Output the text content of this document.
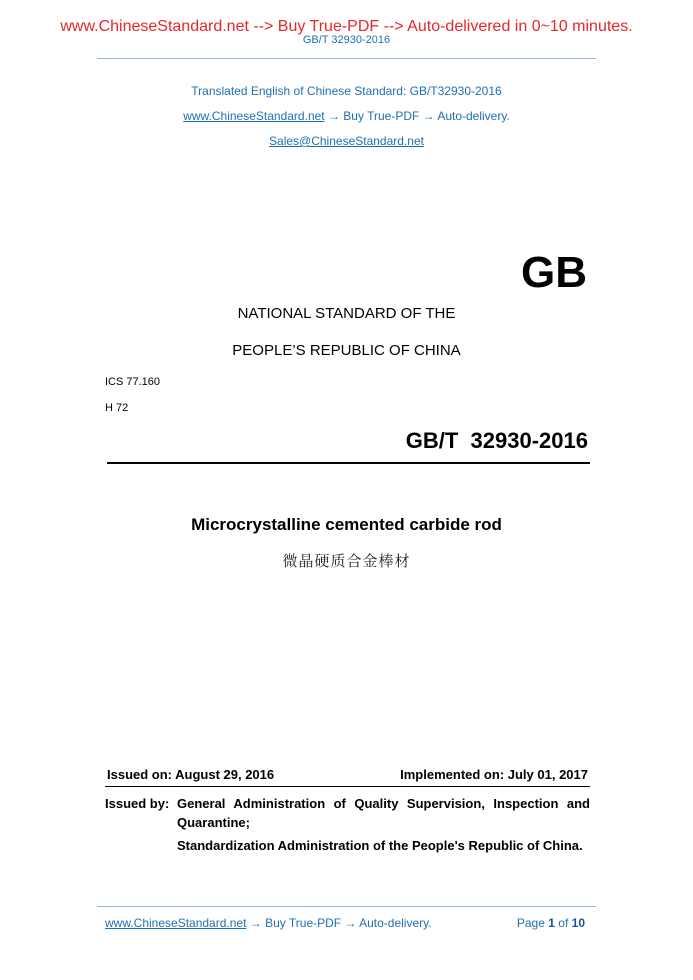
www.ChineseStandard.net --> Buy True-PDF --> Auto-delivered in 0~10 minutes.
GB/T 32930-2016
Translated English of Chinese Standard: GB/T32930-2016
www.ChineseStandard.net → Buy True-PDF → Auto-delivery.
Sales@ChineseStandard.net
GB
NATIONAL STANDARD OF THE
PEOPLE’S REPUBLIC OF CHINA
ICS 77.160
H 72
GB/T  32930-2016
Microcrystalline cemented carbide rod
微晶硬质合金棒材
Issued on: August 29, 2016	Implemented on: July 01, 2017
Issued by: General Administration of Quality Supervision, Inspection and Quarantine;
Standardization Administration of the People's Republic of China.
www.ChineseStandard.net → Buy True-PDF → Auto-delivery.	Page 1 of 10
